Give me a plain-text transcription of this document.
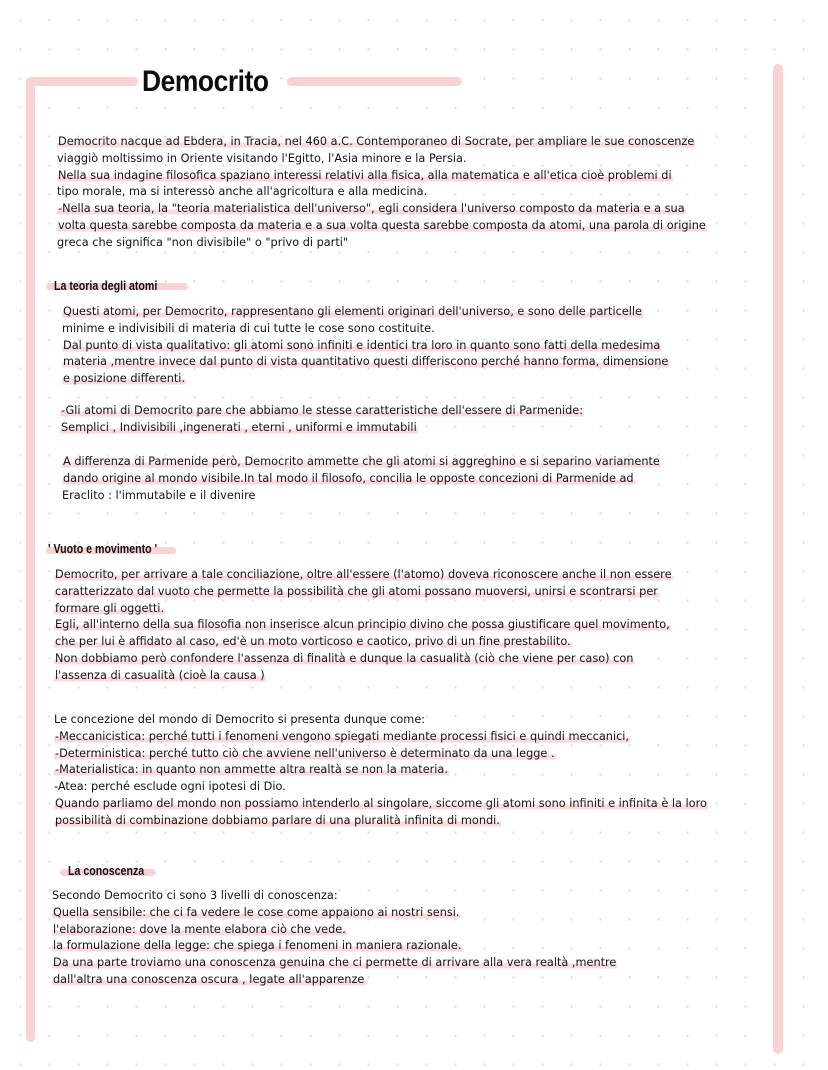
Democrito
Democrito nacque ad Ebdera, in Tracia, nel 460 a.C. Contemporaneo di Socrate, per ampliare le sue conoscenze
viaggiò moltissimo in Oriente visitando l'Egitto, l'Asia minore e la Persia.
Nella sua indagine filosofica spaziano interessi relativi alla fisica, alla matematica e all'etica cioè problemi di
tipo morale, ma si interessò anche all'agricoltura e alla medicina.
-Nella sua teoria, la "teoria materialistica dell'universo", egli considera l'universo composto da materia e a sua
volta questa sarebbe composta da materia e a sua volta questa sarebbe composta da atomi, una parola di origine
greca che significa "non divisibile" o "privo di parti"
La teoria degli atomi
Questi atomi, per Democrito, rappresentano gli elementi originari dell'universo, e sono delle particelle
minime e indivisibili di materia di cui tutte le cose sono costituite.
Dal punto di vista qualitativo: gli atomi sono infiniti e identici tra loro in quanto sono fatti della medesima
materia ,mentre invece dal punto di vista quantitativo questi differiscono perché hanno forma, dimensione
e posizione differenti.
-Gli atomi di Democrito pare che abbiamo le stesse caratteristiche dell'essere di Parmenide:
Semplici , Indivisibili ,ingenerati , eterni , uniformi e immutabili
A differenza di Parmenide però, Democrito ammette che gli atomi si aggreghino e si separino variamente
dando origine al mondo visibile.In tal modo il filosofo, concilia le opposte concezioni di Parmenide ad
Eraclito : l'immutabile e il divenire
' Vuoto e movimento '
Democrito, per arrivare a tale conciliazione, oltre all'essere (l'atomo) doveva riconoscere anche il non essere
caratterizzato dal vuoto che permette la possibilità che gli atomi possano muoversi, unirsi e scontrarsi per
formare gli oggetti.
Egli, all'interno della sua filosofia non inserisce alcun principio divino che possa giustificare quel movimento,
che per lui è affidato al caso, ed'è un moto vorticoso e caotico, privo di un fine prestabilito.
Non dobbiamo però confondere l'assenza di finalità e dunque la casualità (ciò che viene per caso) con
l'assenza di casualità (cioè la causa )
Le concezione del mondo di Democrito si presenta dunque come:
-Meccanicistica: perché tutti i fenomeni vengono spiegati mediante processi fisici e quindi meccanici,
-Deterministica: perché tutto ciò che avviene nell'universo è determinato da una legge .
-Materialistica: in quanto non ammette altra realtà se non la materia.
-Atea: perché esclude ogni ipotesi di Dio.
Quando parliamo del mondo non possiamo intenderlo al singolare, siccome gli atomi sono infiniti e infinita è la loro
possibilità di combinazione dobbiamo parlare di una pluralità infinita di mondi.
La conoscenza
Secondo Democrito ci sono 3 livelli di conoscenza:
Quella sensibile: che ci fa vedere le cose come appaiono ai nostri sensi.
l'elaborazione: dove la mente elabora ciò che vede.
la formulazione della legge: che spiega i fenomeni in maniera razionale.
Da una parte troviamo una conoscenza genuina che ci permette di arrivare alla vera realtà ,mentre
dall'altra una conoscenza oscura , legate all'apparenze
